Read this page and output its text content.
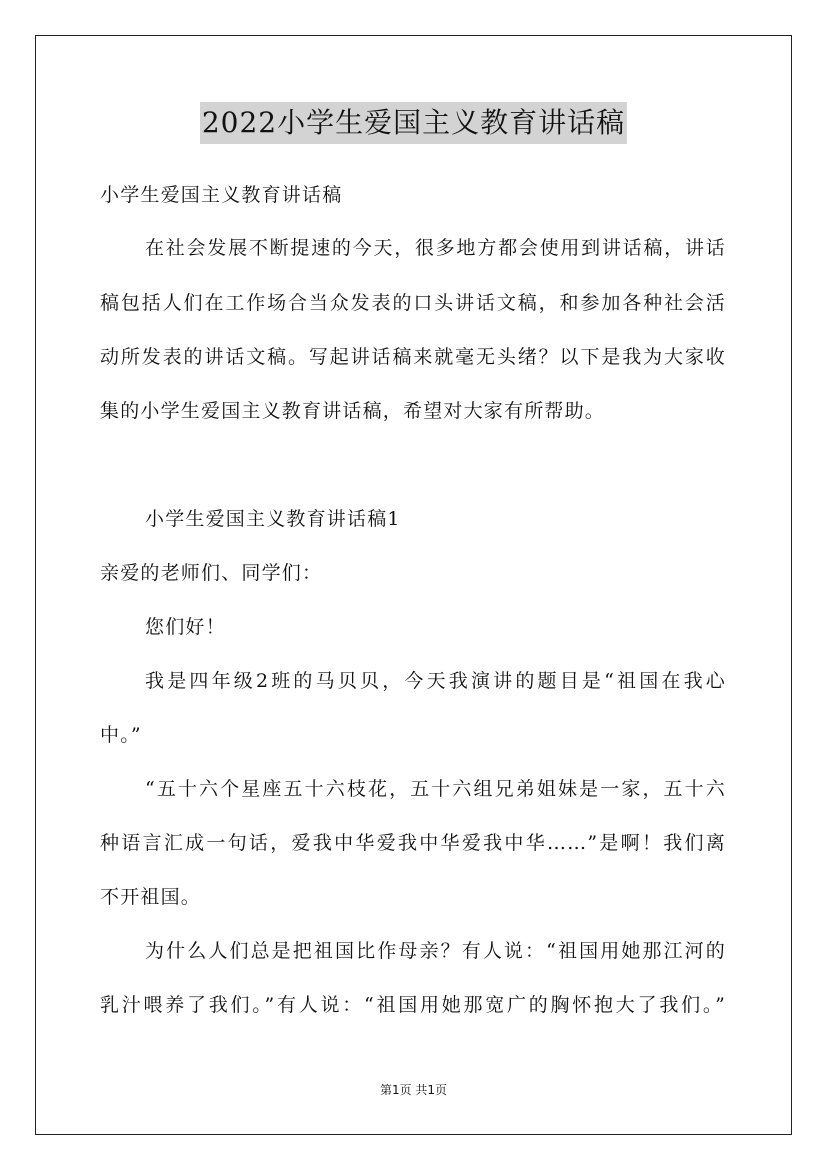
2022小学生爱国主义教育讲话稿
小学生爱国主义教育讲话稿
在社会发展不断提速的今天，很多地方都会使用到讲话稿，讲话
稿包括人们在工作场合当众发表的口头讲话文稿，和参加各种社会活
动所发表的讲话文稿。写起讲话稿来就毫无头绪？以下是我为大家收
集的小学生爱国主义教育讲话稿，希望对大家有所帮助。
小学生爱国主义教育讲话稿1
亲爱的老师们、同学们：
您们好！
我是四年级2班的马贝贝，今天我演讲的题目是“祖国在我心
中。”
“五十六个星座五十六枝花，五十六组兄弟姐妹是一家，五十六
种语言汇成一句话，爱我中华爱我中华爱我中华……”是啊！我们离
不开祖国。
为什么人们总是把祖国比作母亲？有人说：“祖国用她那江河的
乳汁喂养了我们。”有人说：“祖国用她那宽广的胸怀抱大了我们。”
第1页 共1页
